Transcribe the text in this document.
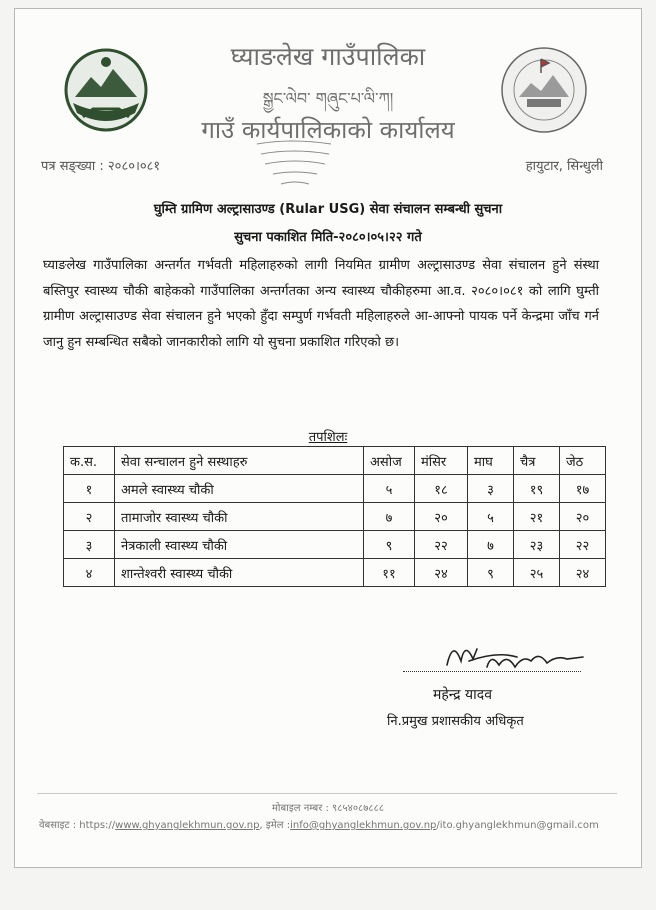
घ्याङलेख गाउँपालिका
སྒྱང་ལེབ་ གཞུང་པ་ལི་ཀ།
गाउँ कार्यपालिकाको कार्यालय
पत्र सङ्ख्या : २०८०।०८१	हायुटार, सिन्धुली
घुम्ति ग्रामिण अल्ट्रासाउण्ड (Rular USG) सेवा संचालन सम्बन्धी सुचना
सुचना पकाशित मिति-२०८०।०५।२२ गते
घ्याङलेख गाउँपालिका अन्तर्गत गर्भवती महिलाहरुको लागी नियमित ग्रामीण अल्ट्रासाउण्ड सेवा संचालन हुने संस्था बस्तिपुर स्वास्थ्य चौकी बाहेकको गाउँपालिका अन्तर्गतका अन्य स्वास्थ्य चौकीहरुमा आ.व. २०८०।०८१ को लागि घुम्ती ग्रामीण अल्ट्रासाउण्ड सेवा संचालन हुने भएको हुँदा सम्पुर्ण गर्भवती महिलाहरुले आ-आफ्नो पायक पर्ने केन्द्रमा जाँच गर्न जानु हुन सम्बन्धित सबैको जानकारीको लागि यो सुचना प्रकाशित गरिएको छ।
तपशिलः
क.स.	सेवा सन्चालन हुने सस्थाहरु	असोज	मंसिर	माघ	चैत्र	जेठ
१	अमले स्वास्थ्य चौकी	५	१८	३	१९	१७
२	तामाजोर स्वास्थ्य चौकी	७	२०	५	२१	२०
३	नेत्रकाली स्वास्थ्य चौकी	९	२२	७	२३	२२
४	शान्तेश्वरी स्वास्थ्य चौकी	११	२४	९	२५	२४
महेन्द्र यादव
नि.प्रमुख प्रशासकीय अधिकृत
मोबाइल नम्बर : ९८५४०८७८८८
वेबसाइट : https://www.ghyanglekhmun.gov.np, इमेल :info@ghyanglekhmun.gov.np/ito.ghyanglekhmun@gmail.com
